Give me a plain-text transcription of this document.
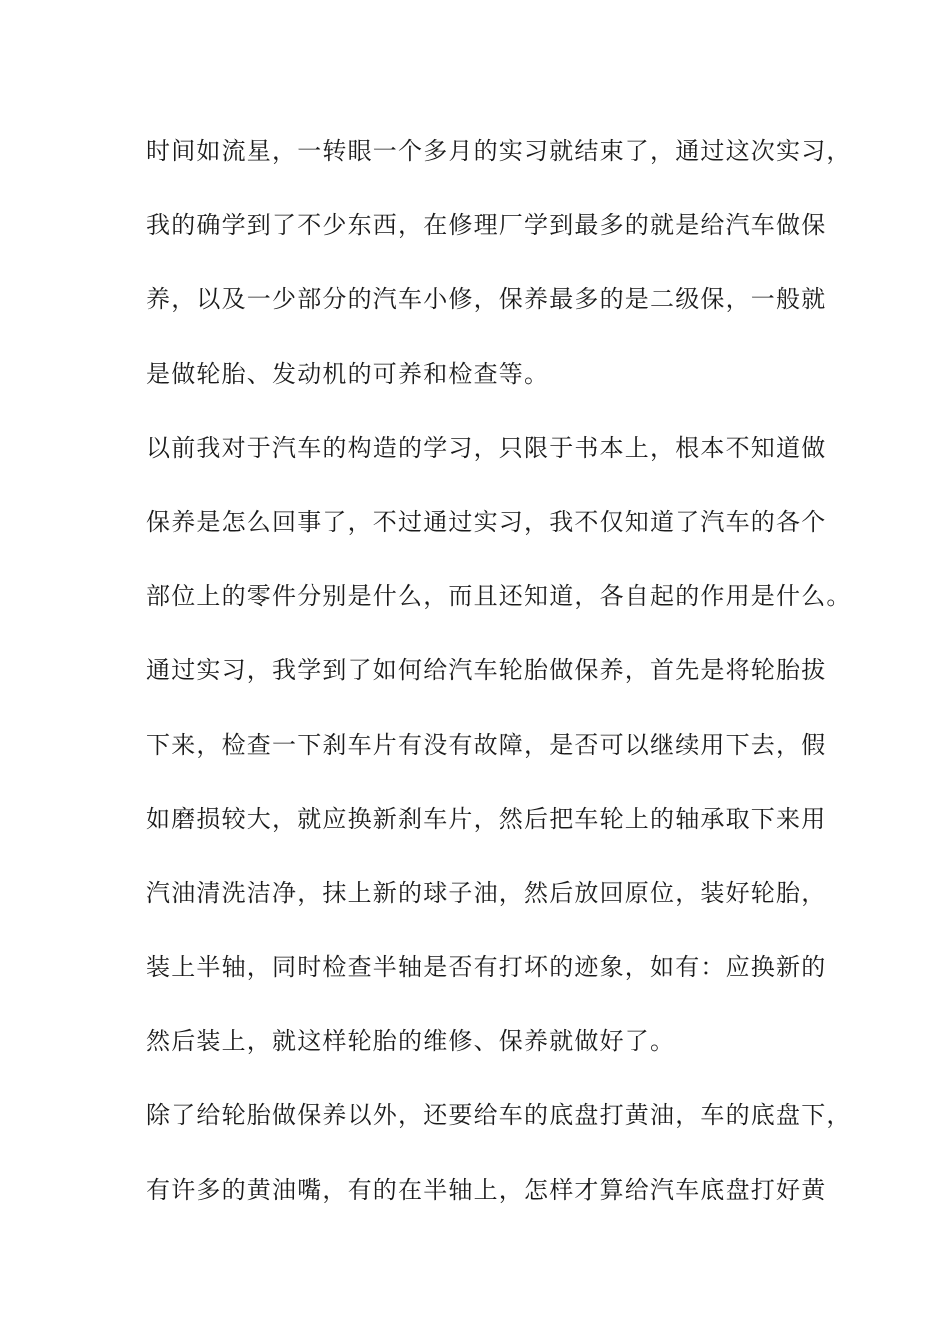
时间如流星，一转眼一个多月的实习就结束了，通过这次实习，
我的确学到了不少东西，在修理厂学到最多的就是给汽车做保
养，以及一少部分的汽车小修，保养最多的是二级保，一般就
是做轮胎、发动机的可养和检查等。
以前我对于汽车的构造的学习，只限于书本上，根本不知道做
保养是怎么回事了，不过通过实习，我不仅知道了汽车的各个
部位上的零件分别是什么，而且还知道，各自起的作用是什么。
通过实习，我学到了如何给汽车轮胎做保养，首先是将轮胎拔
下来，检查一下刹车片有没有故障，是否可以继续用下去，假
如磨损较大，就应换新刹车片，然后把车轮上的轴承取下来用
汽油清洗洁净，抹上新的球子油，然后放回原位，装好轮胎，
装上半轴，同时检查半轴是否有打坏的迹象，如有：应换新的
然后装上，就这样轮胎的维修、保养就做好了。
除了给轮胎做保养以外，还要给车的底盘打黄油，车的底盘下，
有许多的黄油嘴，有的在半轴上，怎样才算给汽车底盘打好黄
